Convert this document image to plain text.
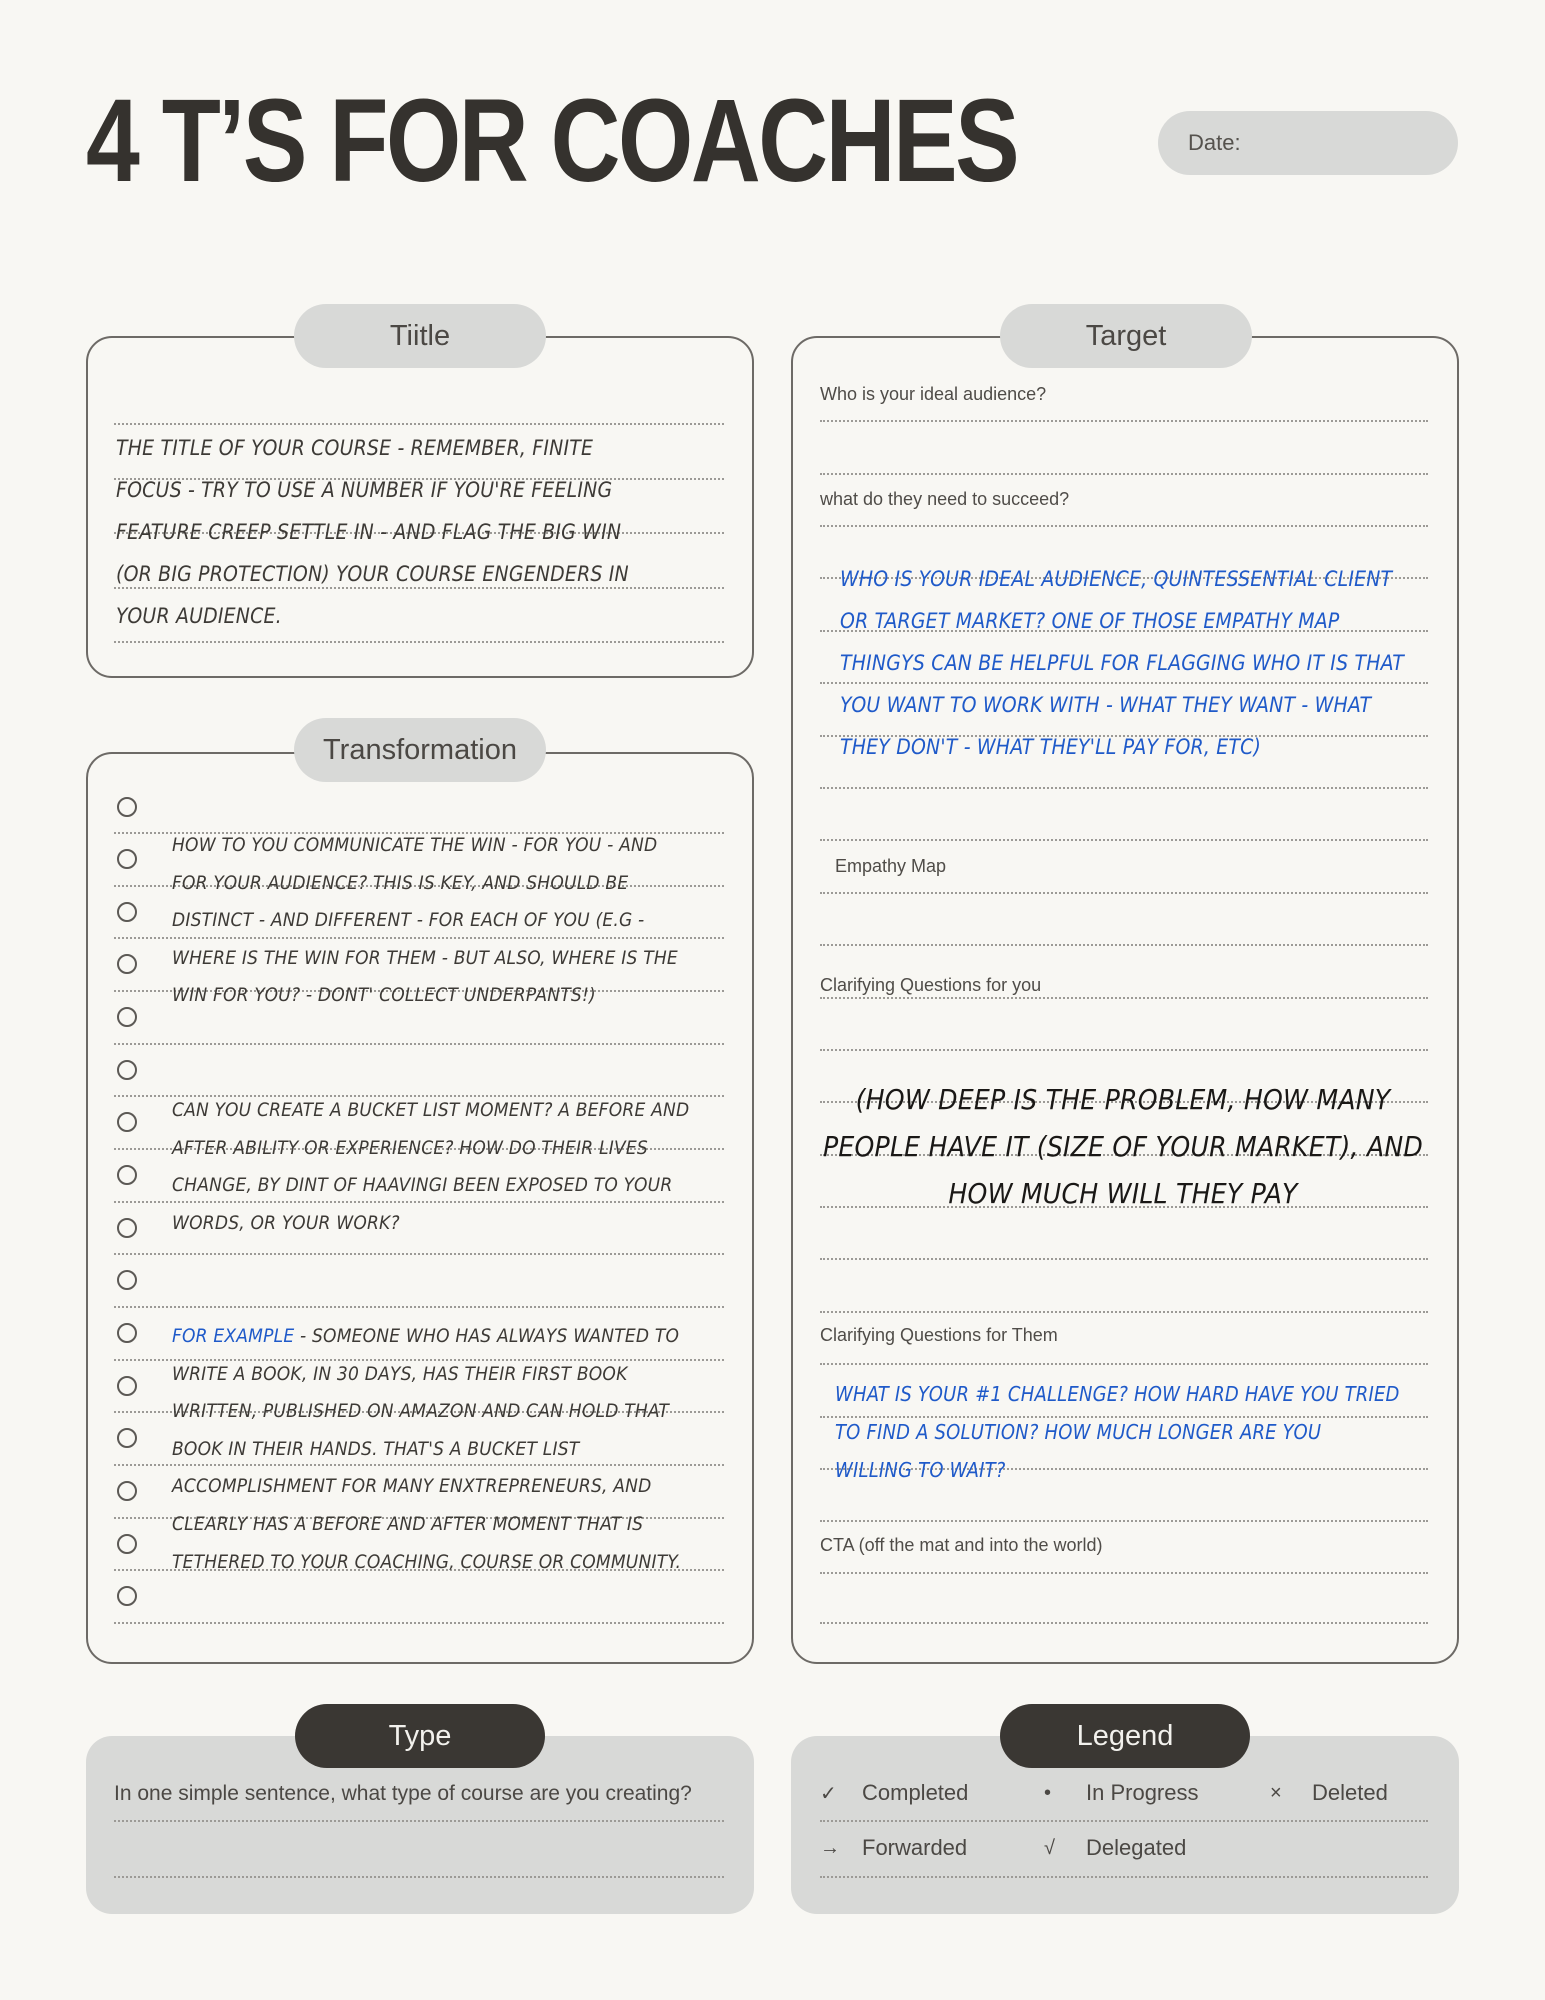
4 T’S FOR COACHES	Date:
Tiitle
THE TITLE OF YOUR COURSE - REMEMBER, FINITE FOCUS - TRY TO USE A NUMBER IF YOU'RE FEELING FEATURE CREEP SETTLE IN - AND FLAG THE BIG WIN (OR BIG PROTECTION) YOUR COURSE ENGENDERS IN YOUR AUDIENCE.
Transformation
HOW TO YOU COMMUNICATE THE WIN - FOR YOU - AND FOR YOUR AUDIENCE? THIS IS KEY, AND SHOULD BE DISTINCT - AND DIFFERENT - FOR EACH OF YOU (E.G - WHERE IS THE WIN FOR THEM - BUT ALSO, WHERE IS THE WIN FOR YOU? - DONT' COLLECT UNDERPANTS!)
CAN YOU CREATE A BUCKET LIST MOMENT? A BEFORE AND AFTER ABILITY OR EXPERIENCE? HOW DO THEIR LIVES CHANGE, BY DINT OF HAAVINGI BEEN EXPOSED TO YOUR WORDS, OR YOUR WORK?
FOR EXAMPLE - SOMEONE WHO HAS ALWAYS WANTED TO WRITE A BOOK, IN 30 DAYS, HAS THEIR FIRST BOOK WRITTEN, PUBLISHED ON AMAZON AND CAN HOLD THAT BOOK IN THEIR HANDS. THAT'S A BUCKET LIST ACCOMPLISHMENT FOR MANY ENXTREPRENEURS, AND CLEARLY HAS A BEFORE AND AFTER MOMENT THAT IS TETHERED TO YOUR COACHING, COURSE OR COMMUNITY.
Target
Who is your ideal audience?
what do they need to succeed?
WHO IS YOUR IDEAL AUDIENCE, QUINTESSENTIAL CLIENT OR TARGET MARKET? ONE OF THOSE EMPATHY MAP THINGYS CAN BE HELPFUL FOR FLAGGING WHO IT IS THAT YOU WANT TO WORK WITH - WHAT THEY WANT - WHAT THEY DON'T - WHAT THEY'LL PAY FOR, ETC)
Empathy Map
Clarifying Questions for you
(HOW DEEP IS THE PROBLEM, HOW MANY PEOPLE HAVE IT (SIZE OF YOUR MARKET), AND HOW MUCH WILL THEY PAY
Clarifying Questions for Them
WHAT IS YOUR #1 CHALLENGE? HOW HARD HAVE YOU TRIED TO FIND A SOLUTION? HOW MUCH LONGER ARE YOU WILLING TO WAIT?
CTA (off the mat and into the world)
Type
In one simple sentence, what type of course are you creating?
Legend
✓	Completed	•	In Progress	×	Deleted
→	Forwarded	√	Delegated
